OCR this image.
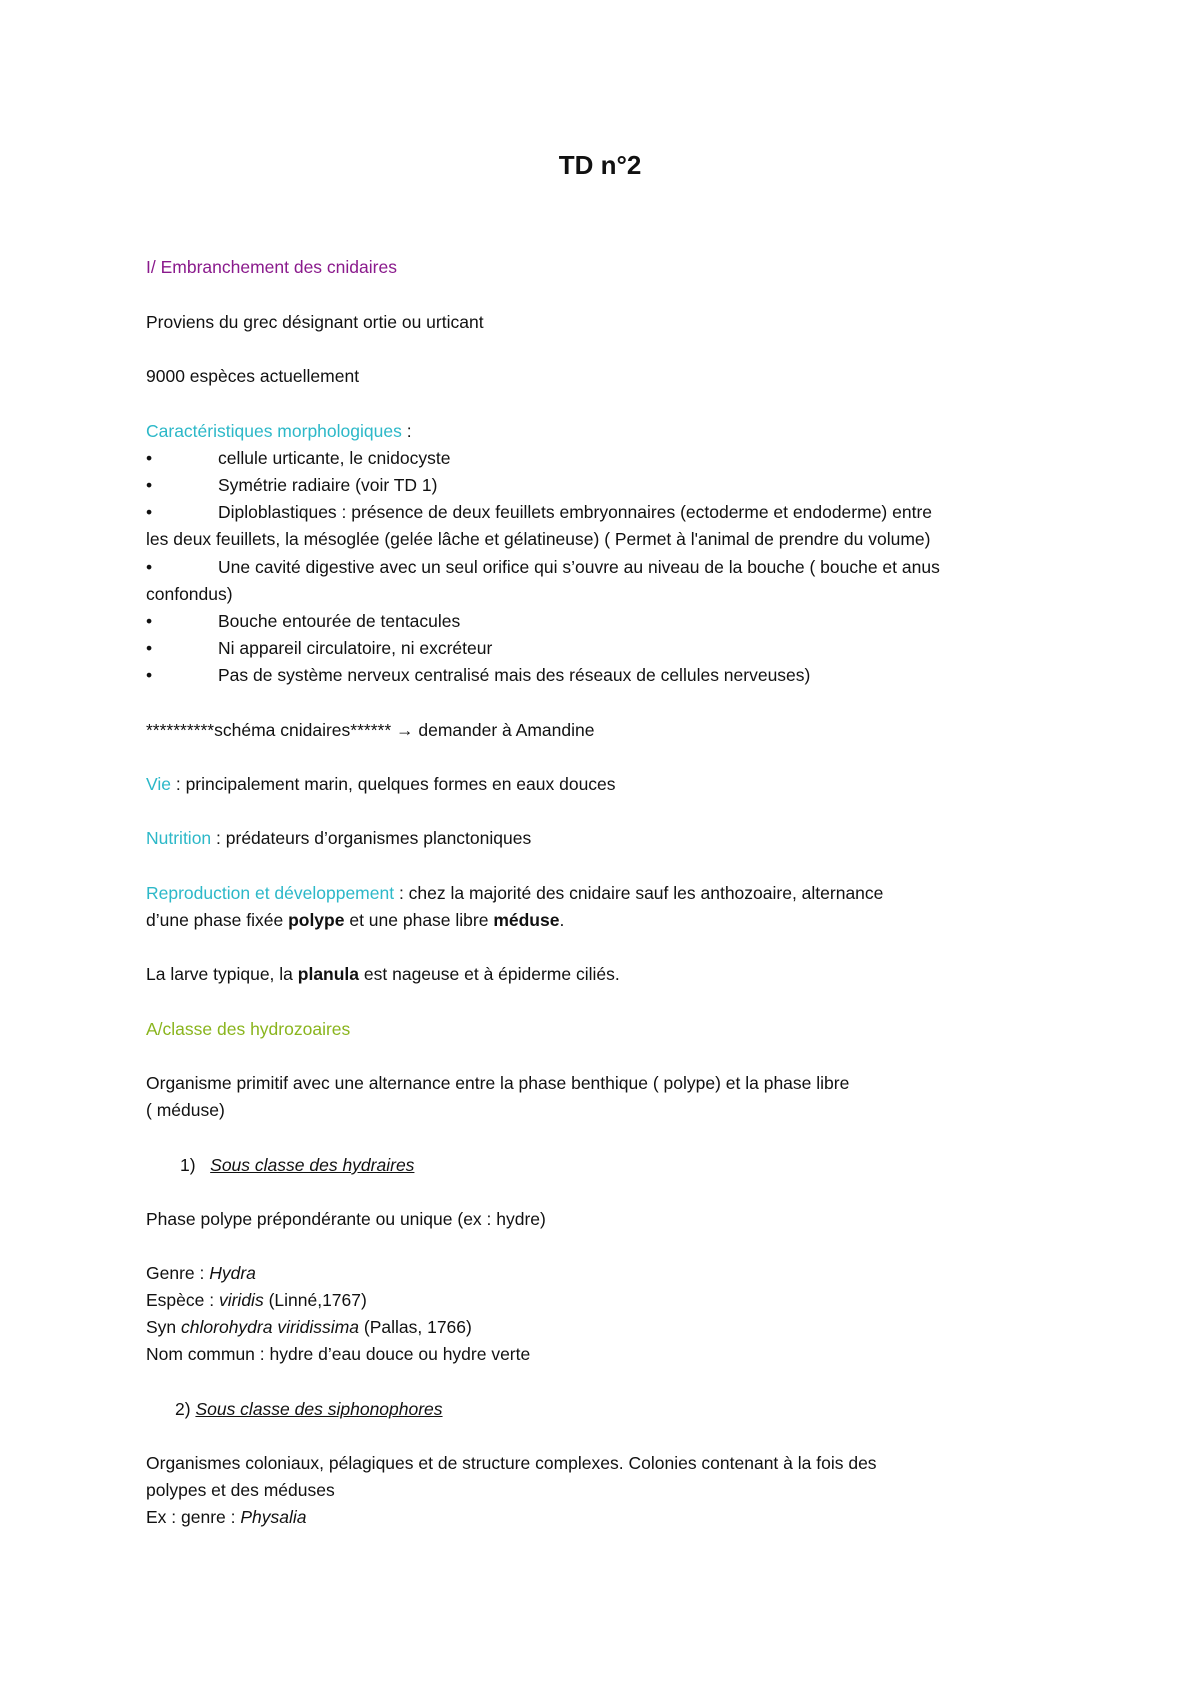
TD n°2
I/ Embranchement des cnidaires
Proviens du grec désignant ortie ou urticant
9000 espèces actuellement
Caractéristiques morphologiques :
•	cellule urticante, le cnidocyste
•	Symétrie radiaire (voir TD 1)
•	Diploblastiques : présence de deux feuillets embryonnaires (ectoderme et endoderme) entre
les deux feuillets, la mésoglée (gelée lâche et gélatineuse) ( Permet à l'animal de prendre du volume)
•	Une cavité digestive avec un seul orifice qui s’ouvre au niveau de la bouche ( bouche et anus
confondus)
•	Bouche entourée de tentacules
•	Ni appareil circulatoire, ni excréteur
•	Pas de système nerveux centralisé mais des réseaux de cellules nerveuses)
**********schéma cnidaires****** → demander à Amandine
Vie : principalement marin, quelques formes en eaux douces
Nutrition : prédateurs d’organismes planctoniques
Reproduction et développement : chez la majorité des cnidaire sauf les anthozoaire, alternance
d’une phase fixée polype et une phase libre méduse.
La larve typique, la planula est nageuse et à épiderme ciliés.
A/classe des hydrozoaires
Organisme primitif avec une alternance entre la phase benthique ( polype) et la phase libre
( méduse)
1) Sous classe des hydraires
Phase polype prépondérante ou unique (ex : hydre)
Genre : Hydra
Espèce : viridis (Linné,1767)
Syn chlorohydra viridissima (Pallas, 1766)
Nom commun : hydre d’eau douce ou hydre verte
2) Sous classe des siphonophores
Organismes coloniaux, pélagiques et de structure complexes. Colonies contenant à la fois des
polypes et des méduses
Ex : genre : Physalia
